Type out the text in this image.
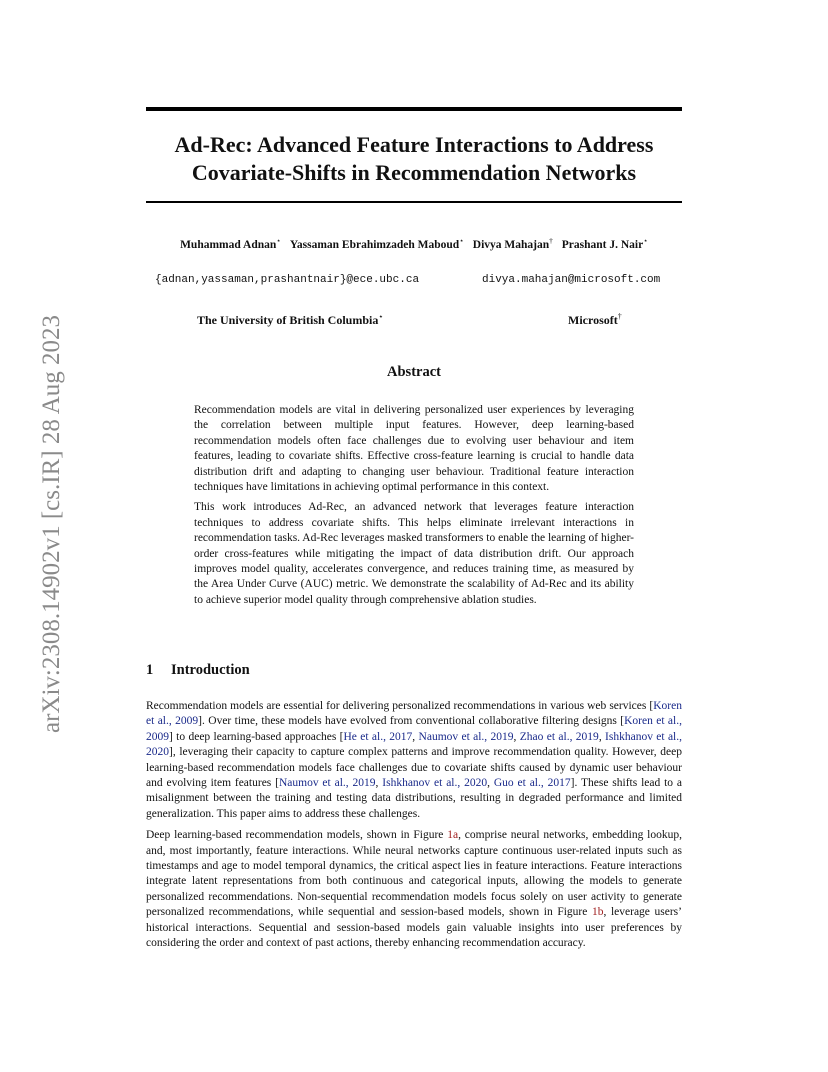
arXiv:2308.14902v1 [cs.IR] 28 Aug 2023
Ad-Rec: Advanced Feature Interactions to Address
Covariate-Shifts in Recommendation Networks
Muhammad Adnan⋆ Yassaman Ebrahimzadeh Maboud⋆ Divya Mahajan† Prashant J. Nair⋆
{adnan,yassaman,prashantnair}@ece.ubc.ca	divya.mahajan@microsoft.com
The University of British Columbia⋆	Microsoft†
Abstract

Recommendation models are vital in delivering personalized user experiences by leveraging the correlation between multiple input features. However, deep learning-based recommendation models often face challenges due to evolving user behaviour and item features, leading to covariate shifts. Effective cross-feature learning is crucial to handle data distribution drift and adapting to changing user behaviour. Traditional feature interaction techniques have limitations in achieving optimal performance in this context.

This work introduces Ad-Rec, an advanced network that leverages feature interaction techniques to address covariate shifts. This helps eliminate irrelevant interactions in recommendation tasks. Ad-Rec leverages masked transformers to enable the learning of higher-order cross-features while mitigating the impact of data distribution drift. Our approach improves model quality, accelerates convergence, and reduces training time, as measured by the Area Under Curve (AUC) metric. We demonstrate the scalability of Ad-Rec and its ability to achieve superior model quality through comprehensive ablation studies.

1 Introduction

Recommendation models are essential for delivering personalized recommendations in various web services [Koren et al., 2009]. Over time, these models have evolved from conventional collaborative filtering designs [Koren et al., 2009] to deep learning-based approaches [He et al., 2017, Naumov et al., 2019, Zhao et al., 2019, Ishkhanov et al., 2020], leveraging their capacity to capture complex patterns and improve recommendation quality. However, deep learning-based recommendation models face challenges due to covariate shifts caused by dynamic user behaviour and evolving item features [Naumov et al., 2019, Ishkhanov et al., 2020, Guo et al., 2017]. These shifts lead to a misalignment between the training and testing data distributions, resulting in degraded performance and limited generalization. This paper aims to address these challenges.

Deep learning-based recommendation models, shown in Figure 1a, comprise neural networks, embedding lookup, and, most importantly, feature interactions. While neural networks capture continuous user-related inputs such as timestamps and age to model temporal dynamics, the critical aspect lies in feature interactions. Feature interactions integrate latent representations from both continuous and categorical inputs, allowing the models to generate personalized recommendations. Non-sequential recommendation models focus solely on user activity to generate personalized recommendations, while sequential and session-based models, shown in Figure 1b, leverage users’ historical interactions. Sequential and session-based models gain valuable insights into user preferences by considering the order and context of past actions, thereby enhancing recommendation accuracy.
